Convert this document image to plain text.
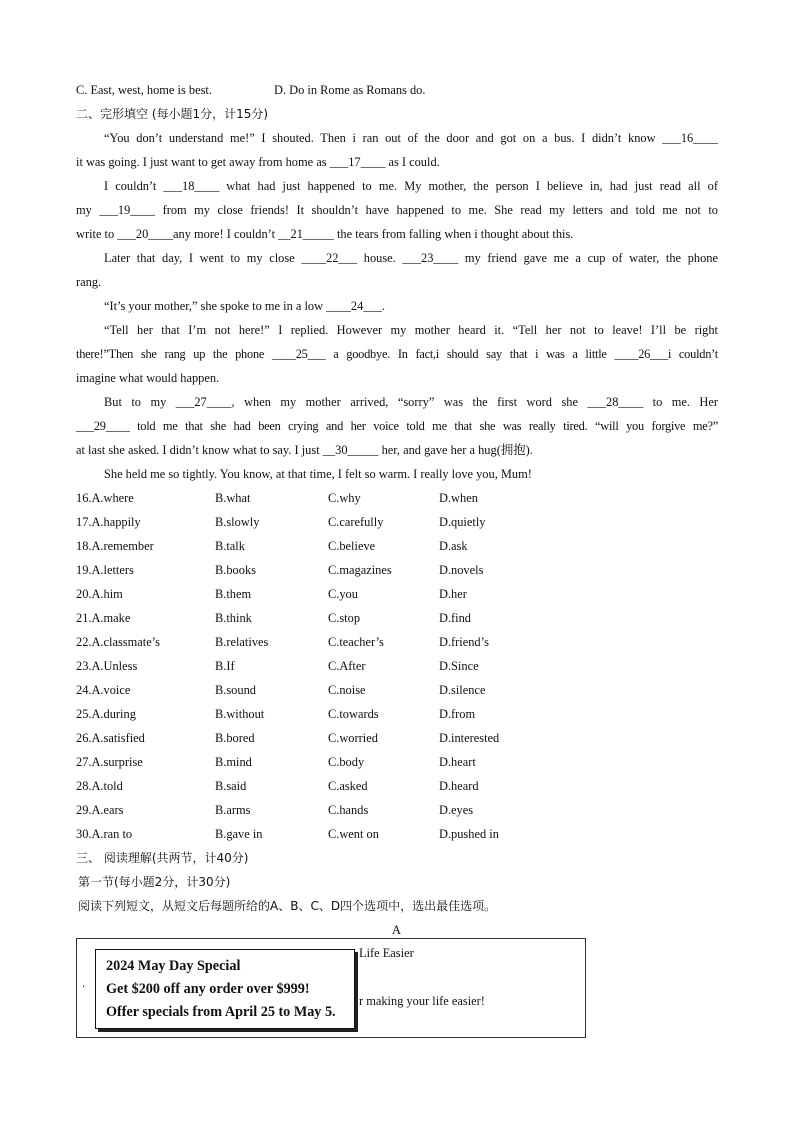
C. East, west, home is best.	D. Do in Rome as Romans do.
二、完形填空 (每小题1分，计15分)
“You don’t understand me!” I shouted. Then i ran out of the door and got on a bus. I didn’t know ___16____
it was going. I just want to get away from home as ___17____ as I could.
I couldn’t ___18____ what had just happened to me. My mother, the person I believe in, had just read all of
my ___19____ from my close friends! It shouldn’t have happened to me. She read my letters and told me not to
write to ___20____any more! I couldn’t __21_____ the tears from falling when i thought about this.
Later that day, I went to my close ____22___ house. ___23____ my friend gave me a cup of water, the phone
rang.
“It’s your mother,” she spoke to me in a low ____24___.
“Tell her that I’m not here!” I replied. However my mother heard it. “Tell her not to leave! I’ll be right
there!”Then she rang up the phone ____25___ a goodbye. In fact,i should say that i was a little ____26___i couldn’t
imagine what would happen.
But to my ___27____, when my mother arrived, “sorry” was the first word she ___28____ to me. Her
___29____ told me that she had been crying and her voice told me that she was really tired. “will you forgive me?”
at last she asked. I didn’t know what to say. I just __30_____ her, and gave her a hug(拥抱).
She held me so tightly. You know, at that time, I felt so warm. I really love you, Mum!
16.A.where	B.what	C.why	D.when
17.A.happily	B.slowly	C.carefully	D.quietly
18.A.remember	B.talk	C.believe	D.ask
19.A.letters	B.books	C.magazines	D.novels
20.A.him	B.them	C.you	D.her
21.A.make	B.think	C.stop	D.find
22.A.classmate’s	B.relatives	C.teacher’s	D.friend’s
23.A.Unless	B.If	C.After	D.Since
24.A.voice	B.sound	C.noise	D.silence
25.A.during	B.without	C.towards	D.from
26.A.satisfied	B.bored	C.worried	D.interested
27.A.surprise	B.mind	C.body	D.heart
28.A.told	B.said	C.asked	D.heard
29.A.ears	B.arms	C.hands	D.eyes
30.A.ran to	B.gave in	C.went on	D.pushed in
三、 阅读理解(共两节，计40分)
第一节(每小题2分，计30分)
阅读下列短文，从短文后每题所给的A、B、C、D四个选项中，选出最佳选项。
A
.
Life Easier
r making your life easier!
2024 May Day Special
Get $200 off any order over $999!
Offer specials from April 25 to May 5.
